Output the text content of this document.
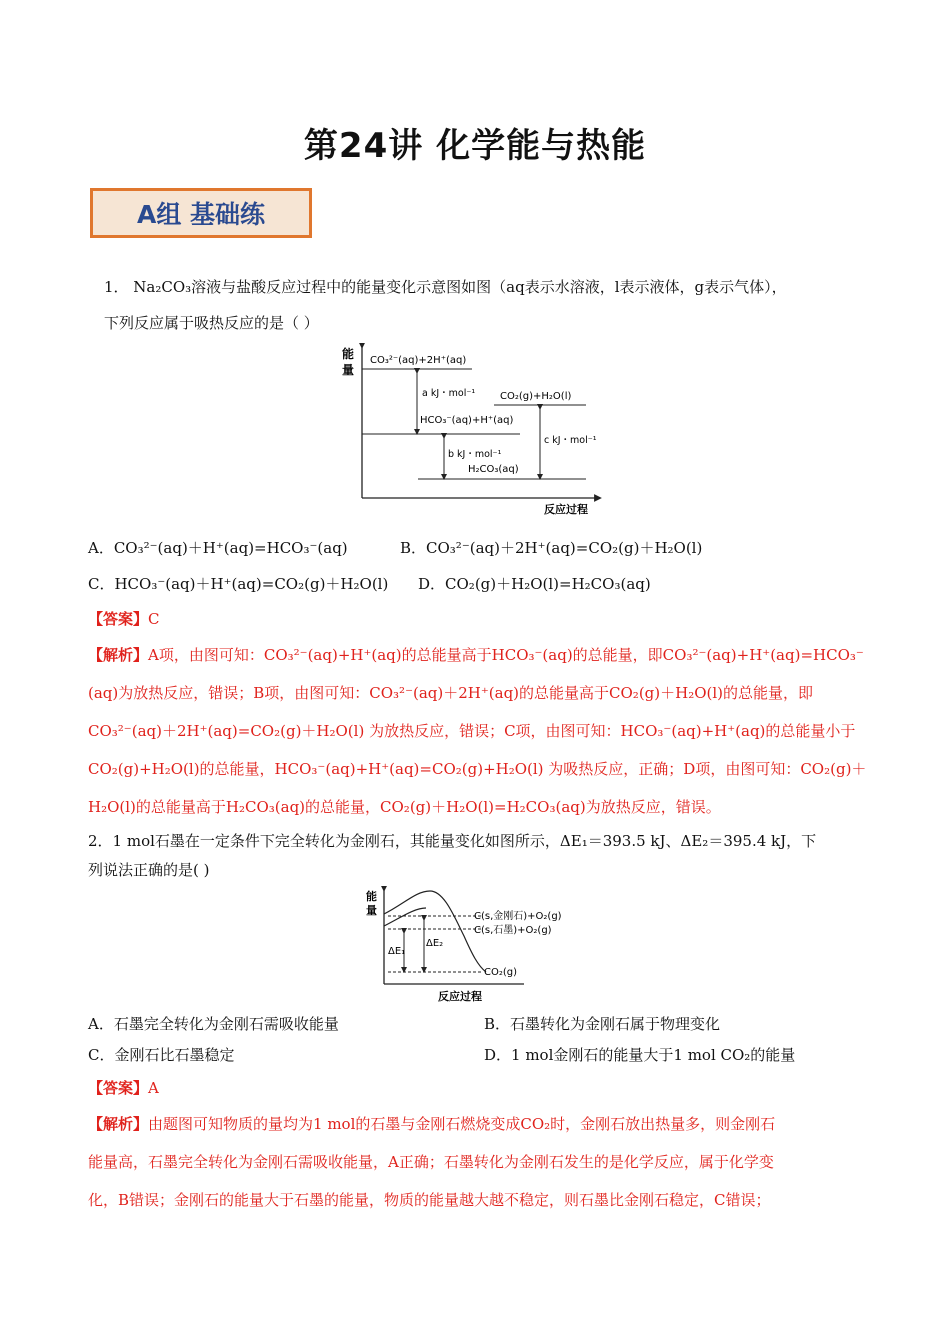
第24讲 化学能与热能
A组 基础练
1． Na₂CO₃溶液与盐酸反应过程中的能量变化示意图如图（aq表示水溶液，l表示液体，g表示气体），
下列反应属于吸热反应的是（ ）
能
量
反应过程
CO₃²⁻(aq)+2H⁺(aq)
HCO₃⁻(aq)+H⁺(aq)
CO₂(g)+H₂O(l)
H₂CO₃(aq)
a kJ・mol⁻¹
b kJ・mol⁻¹
c kJ・mol⁻¹
A．CO₃²⁻(aq)＋H⁺(aq)=HCO₃⁻(aq)	B．CO₃²⁻(aq)＋2H⁺(aq)=CO₂(g)＋H₂O(l)
C．HCO₃⁻(aq)＋H⁺(aq)=CO₂(g)＋H₂O(l) D．CO₂(g)＋H₂O(l)=H₂CO₃(aq)
【答案】C
【解析】A项，由图可知：CO₃²⁻(aq)+H⁺(aq)的总能量高于HCO₃⁻(aq)的总能量，即CO₃²⁻(aq)+H⁺(aq)=HCO₃⁻
(aq)为放热反应，错误；B项，由图可知：CO₃²⁻(aq)＋2H⁺(aq)的总能量高于CO₂(g)＋H₂O(l)的总能量，即
CO₃²⁻(aq)＋2H⁺(aq)=CO₂(g)＋H₂O(l) 为放热反应，错误；C项，由图可知：HCO₃⁻(aq)+H⁺(aq)的总能量小于
CO₂(g)+H₂O(l)的总能量，HCO₃⁻(aq)+H⁺(aq)=CO₂(g)+H₂O(l) 为吸热反应，正确；D项，由图可知：CO₂(g)＋
H₂O(l)的总能量高于H₂CO₃(aq)的总能量，CO₂(g)＋H₂O(l)=H₂CO₃(aq)为放热反应，错误。
2．1 mol石墨在一定条件下完全转化为金刚石，其能量变化如图所示，ΔE₁＝393.5 kJ、ΔE₂＝395.4 kJ，下
列说法正确的是( )
能
量
反应过程
C(s,金刚石)+O₂(g)
C(s,石墨)+O₂(g)
CO₂(g)
ΔE₁
ΔE₂
A．石墨完全转化为金刚石需吸收能量	B．石墨转化为金刚石属于物理变化
C．金刚石比石墨稳定	D．1 mol金刚石的能量大于1 mol CO₂的能量
【答案】A
【解析】由题图可知物质的量均为1 mol的石墨与金刚石燃烧变成CO₂时，金刚石放出热量多，则金刚石
能量高，石墨完全转化为金刚石需吸收能量，A正确；石墨转化为金刚石发生的是化学反应，属于化学变
化，B错误；金刚石的能量大于石墨的能量，物质的能量越大越不稳定，则石墨比金刚石稳定，C错误；
